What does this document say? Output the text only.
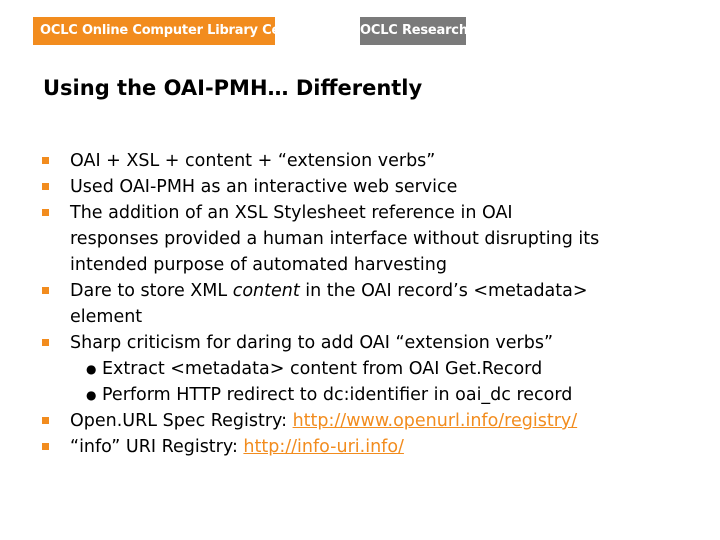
OCLC Online Computer Library Center	OCLC Research
Using the OAI-PMH… Differently
OAI + XSL + content + “extension verbs”
Used OAI-PMH as an interactive web service
The addition of an XSL Stylesheet reference in OAI
responses provided a human interface without disrupting its
intended purpose of automated harvesting
Dare to store XML content in the OAI record’s <metadata>
element
Sharp criticism for daring to add OAI “extension verbs”
● Extract <metadata> content from OAI Get.Record
● Perform HTTP redirect to dc:identifier in oai_dc record
Open.URL Spec Registry: http://www.openurl.info/registry/
“info” URI Registry: http://info-uri.info/
